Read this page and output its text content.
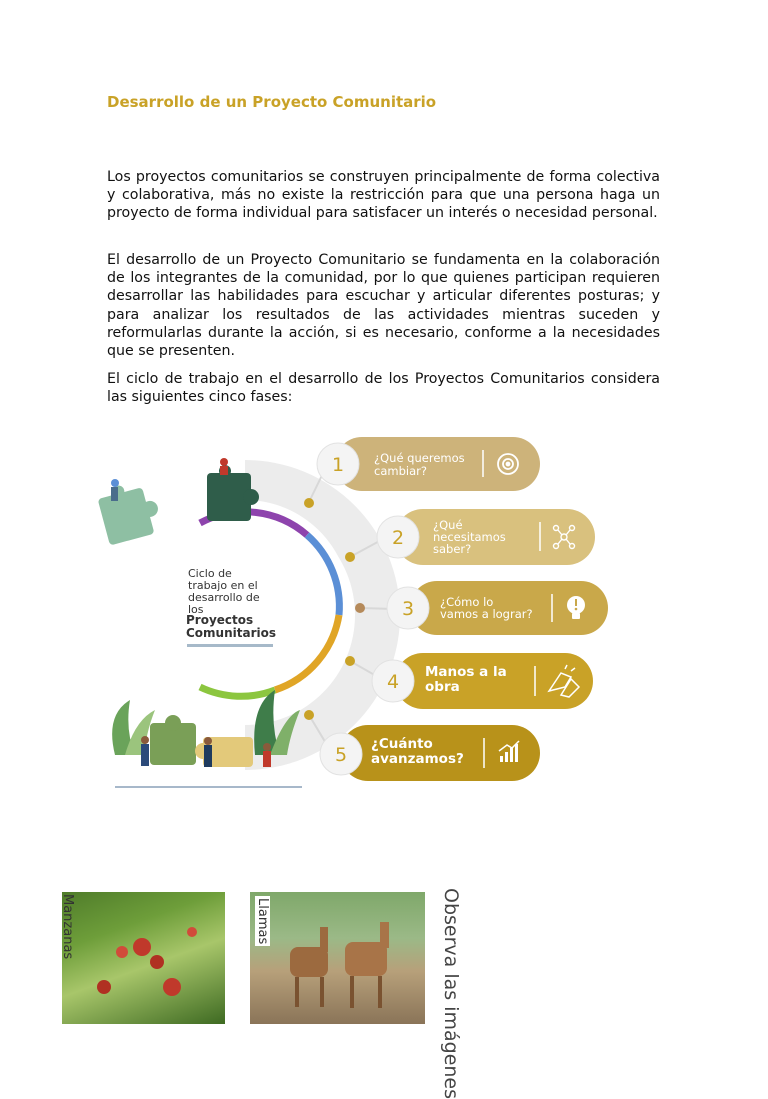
Desarrollo de un Proyecto Comunitario

Los proyectos comunitarios se construyen principalmente de forma colectiva y colaborativa, más no existe la restricción para que una persona haga un proyecto de forma individual para satisfacer un interés o necesidad personal.

El desarrollo de un Proyecto Comunitario se fundamenta en la colaboración de los integrantes de la comunidad, por lo que quienes participan requieren desarrollar las habilidades para escuchar y articular diferentes posturas; y para analizar los resultados de las actividades mientras suceden y reformularlas durante la acción, si es necesario, conforme a la necesidades que se presenten.

El ciclo de trabajo en el desarrollo de los Proyectos Comunitarios considera las siguientes cinco fases:

Ciclo de trabajo en el desarrollo de los
Proyectos Comunitarios
1	¿Qué queremos cambiar?
2
¿Qué necesitamos saber?
3 ¿Cómo lo vamos a lograr?
4 Manos a la obra
5 ¿Cuánto avanzamos?
Manzanas	Llamas	Observa las imágenes
